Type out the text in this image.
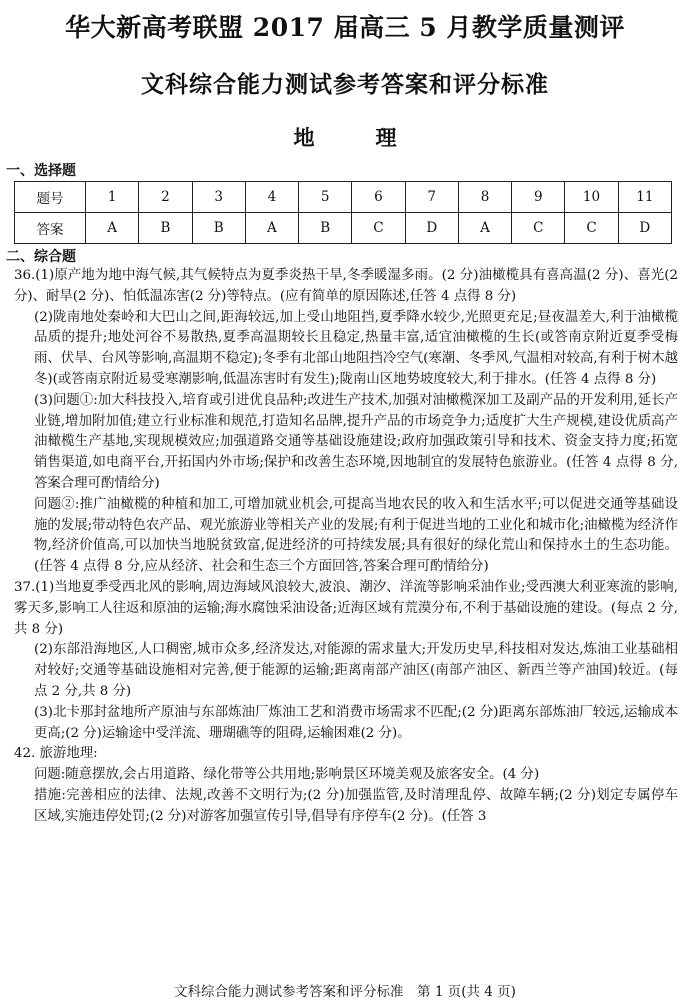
华大新高考联盟 2017 届高三 5 月教学质量测评
文科综合能力测试参考答案和评分标准
地　理
一、选择题
题号	1	2	3	4	5	6	7	8	9	10	11
答案	A	B	B	A	B	C	D	A	C	C	D
二、综合题

36.(1)原产地为地中海气候,其气候特点为夏季炎热干旱,冬季暖湿多雨。(2 分)油橄榄具有喜高温(2 分)、喜光(2 分)、耐旱(2 分)、怕低温冻害(2 分)等特点。(应有简单的原因陈述,任答 4 点得 8 分)

(2)陇南地处秦岭和大巴山之间,距海较远,加上受山地阻挡,夏季降水较少,光照更充足;昼夜温差大,利于油橄榄品质的提升;地处河谷不易散热,夏季高温期较长且稳定,热量丰富,适宜油橄榄的生长(或答南京附近夏季受梅雨、伏旱、台风等影响,高温期不稳定);冬季有北部山地阻挡冷空气(寒潮、冬季风,气温相对较高,有利于树木越冬)(或答南京附近易受寒潮影响,低温冻害时有发生);陇南山区地势坡度较大,利于排水。(任答 4 点得 8 分)

(3)问题①:加大科技投入,培育或引进优良品种;改进生产技术,加强对油橄榄深加工及副产品的开发利用,延长产业链,增加附加值;建立行业标准和规范,打造知名品牌,提升产品的市场竞争力;适度扩大生产规模,建设优质高产油橄榄生产基地,实现规模效应;加强道路交通等基础设施建设;政府加强政策引导和技术、资金支持力度;拓宽销售渠道,如电商平台,开拓国内外市场;保护和改善生态环境,因地制宜的发展特色旅游业。(任答 4 点得 8 分,答案合理可酌情给分)

问题②:推广油橄榄的种植和加工,可增加就业机会,可提高当地农民的收入和生活水平;可以促进交通等基础设施的发展;带动特色农产品、观光旅游业等相关产业的发展;有利于促进当地的工业化和城市化;油橄榄为经济作物,经济价值高,可以加快当地脱贫致富,促进经济的可持续发展;具有很好的绿化荒山和保持水土的生态功能。(任答 4 点得 8 分,应从经济、社会和生态三个方面回答,答案合理可酌情给分)

37.(1)当地夏季受西北风的影响,周边海域风浪较大,波浪、潮汐、洋流等影响采油作业;受西澳大利亚寒流的影响,雾天多,影响工人往返和原油的运输;海水腐蚀采油设备;近海区域有荒漠分布,不利于基础设施的建设。(每点 2 分,共 8 分)

(2)东部沿海地区,人口稠密,城市众多,经济发达,对能源的需求量大;开发历史早,科技相对发达,炼油工业基础相对较好;交通等基础设施相对完善,便于能源的运输;距离南部产油区(南部产油区、新西兰等产油国)较近。(每点 2 分,共 8 分)

(3)北卡那封盆地所产原油与东部炼油厂炼油工艺和消费市场需求不匹配;(2 分)距离东部炼油厂较远,运输成本更高;(2 分)运输途中受洋流、珊瑚礁等的阻碍,运输困难(2 分)。

42. 旅游地理:

问题:随意摆放,会占用道路、绿化带等公共用地;影响景区环境美观及旅客安全。(4 分)

措施:完善相应的法律、法规,改善不文明行为;(2 分)加强监管,及时清理乱停、故障车辆;(2 分)划定专属停车区域,实施违停处罚;(2 分)对游客加强宣传引导,倡导有序停车(2 分)。(任答 3

文科综合能力测试参考答案和评分标准　第 1 页(共 4 页)
